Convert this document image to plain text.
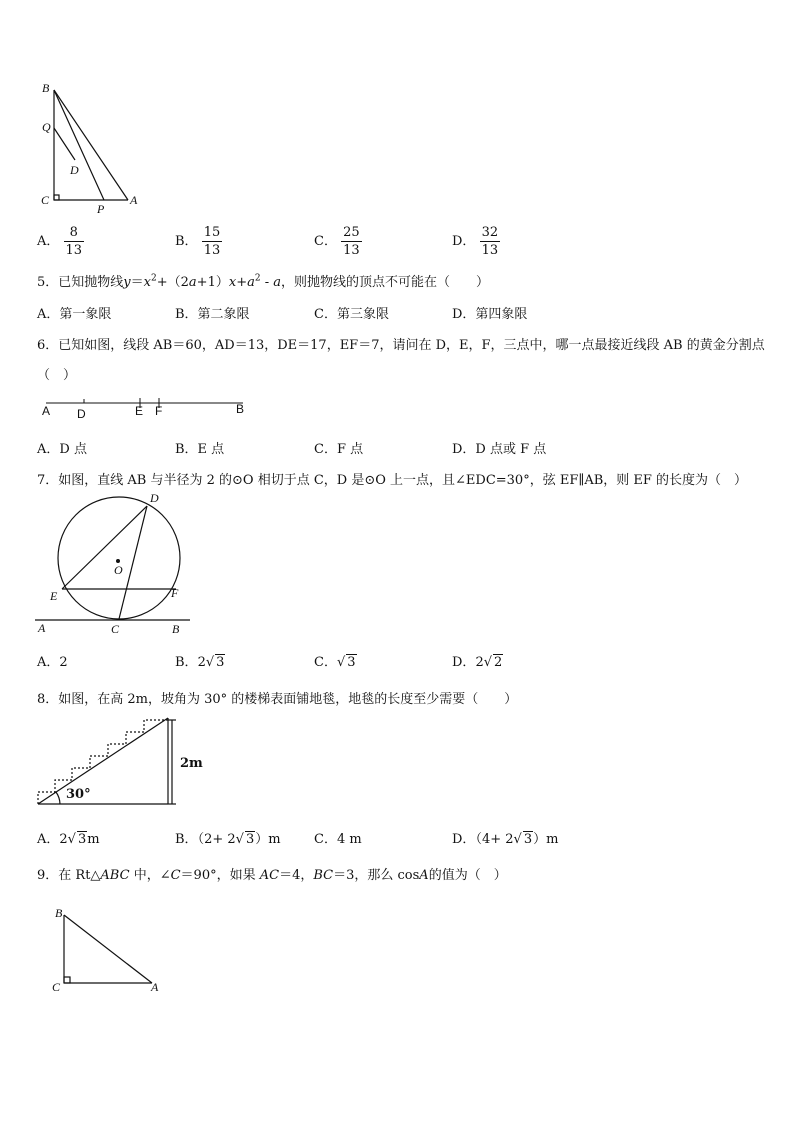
B
Q
D
C
P
A
A． $\frac{8}{13}$	B． $\frac{15}{13}$	C． $\frac{25}{13}$	D． $\frac{32}{13}$
5．已知抛物线$y=x^2+(2a+1)x+a^2 - a$，则抛物线的顶点不可能在（　　）
A．第一象限	B．第二象限	C．第三象限	D．第四象限
6．已知如图，线段 AB＝60，AD＝13，DE＝17，EF＝7，请问在 D，E，F，三点中，哪一点最接近线段 AB 的黄金分割点
（　）
A D	E F	B
A．D 点	B．E 点	C．F 点	D．D 点或 F 点
7．如图，直线 AB 与半径为 2 的⊙O 相切于点 C，D 是⊙O 上一点，且∠EDC=30°，弦 EF∥AB，则 EF 的长度为（　）
D
O
E	F
A	C	B
A．2	B．2√ 3	C．√ 3	D．2√ 2
8．如图，在高 2m，坡角为 30° 的楼梯表面铺地毯，地毯的长度至少需要（　　）
2m
30°
A．2√ 3m	B．（2+ 2√ 3）m	C．4 m	D．（4+ 2√ 3）m
9．在 Rt△ABC 中，∠C＝90°，如果 AC＝4，BC＝3，那么 cosA的值为（　）
B
C	A
